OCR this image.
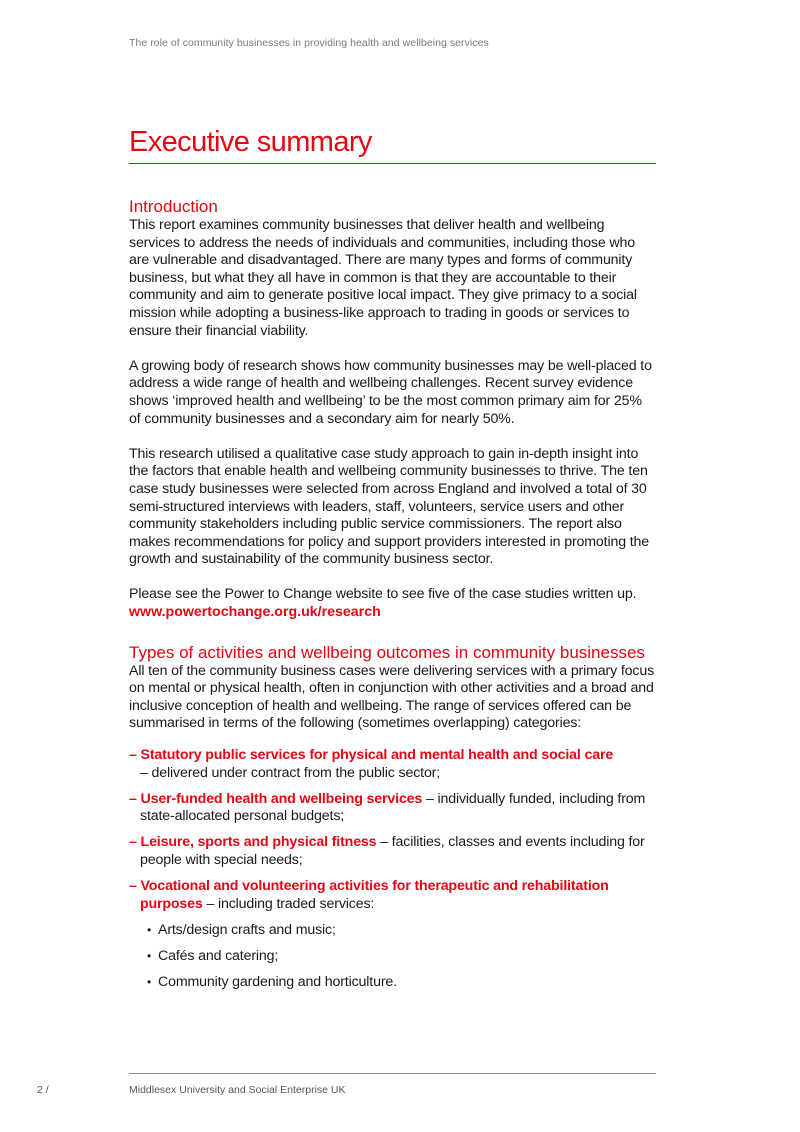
The role of community businesses in providing health and wellbeing services
Executive summary
Introduction

This report examines community businesses that deliver health and wellbeing services to address the needs of individuals and communities, including those who are vulnerable and disadvantaged. There are many types and forms of community business, but what they all have in common is that they are accountable to their community and aim to generate positive local impact. They give primacy to a social mission while adopting a business-like approach to trading in goods or services to ensure their financial viability.

A growing body of research shows how community businesses may be well-placed to address a wide range of health and wellbeing challenges. Recent survey evidence shows ‘improved health and wellbeing’ to be the most common primary aim for 25% of community businesses and a secondary aim for nearly 50%.

This research utilised a qualitative case study approach to gain in-depth insight into the factors that enable health and wellbeing community businesses to thrive. The ten case study businesses were selected from across England and involved a total of 30 semi-structured interviews with leaders, staff, volunteers, service users and other community stakeholders including public service commissioners. The report also makes recommendations for policy and support providers interested in promoting the growth and sustainability of the community business sector.

Please see the Power to Change website to see five of the case studies written up.

www.powertochange.org.uk/research
Types of activities and wellbeing outcomes in community businesses

All ten of the community business cases were delivering services with a primary focus on mental or physical health, often in conjunction with other activities and a broad and inclusive conception of health and wellbeing. The range of services offered can be summarised in terms of the following (sometimes overlapping) categories:

– Statutory public services for physical and mental health and social care
– delivered under contract from the public sector;
– User-funded health and wellbeing services – individually funded, including from state-allocated personal budgets;
– Leisure, sports and physical fitness – facilities, classes and events including for people with special needs;
– Vocational and volunteering activities for therapeutic and rehabilitation purposes – including traded services:
• Arts/design crafts and music;
• Cafés and catering;
• Community gardening and horticulture.
2 /	Middlesex University and Social Enterprise UK
